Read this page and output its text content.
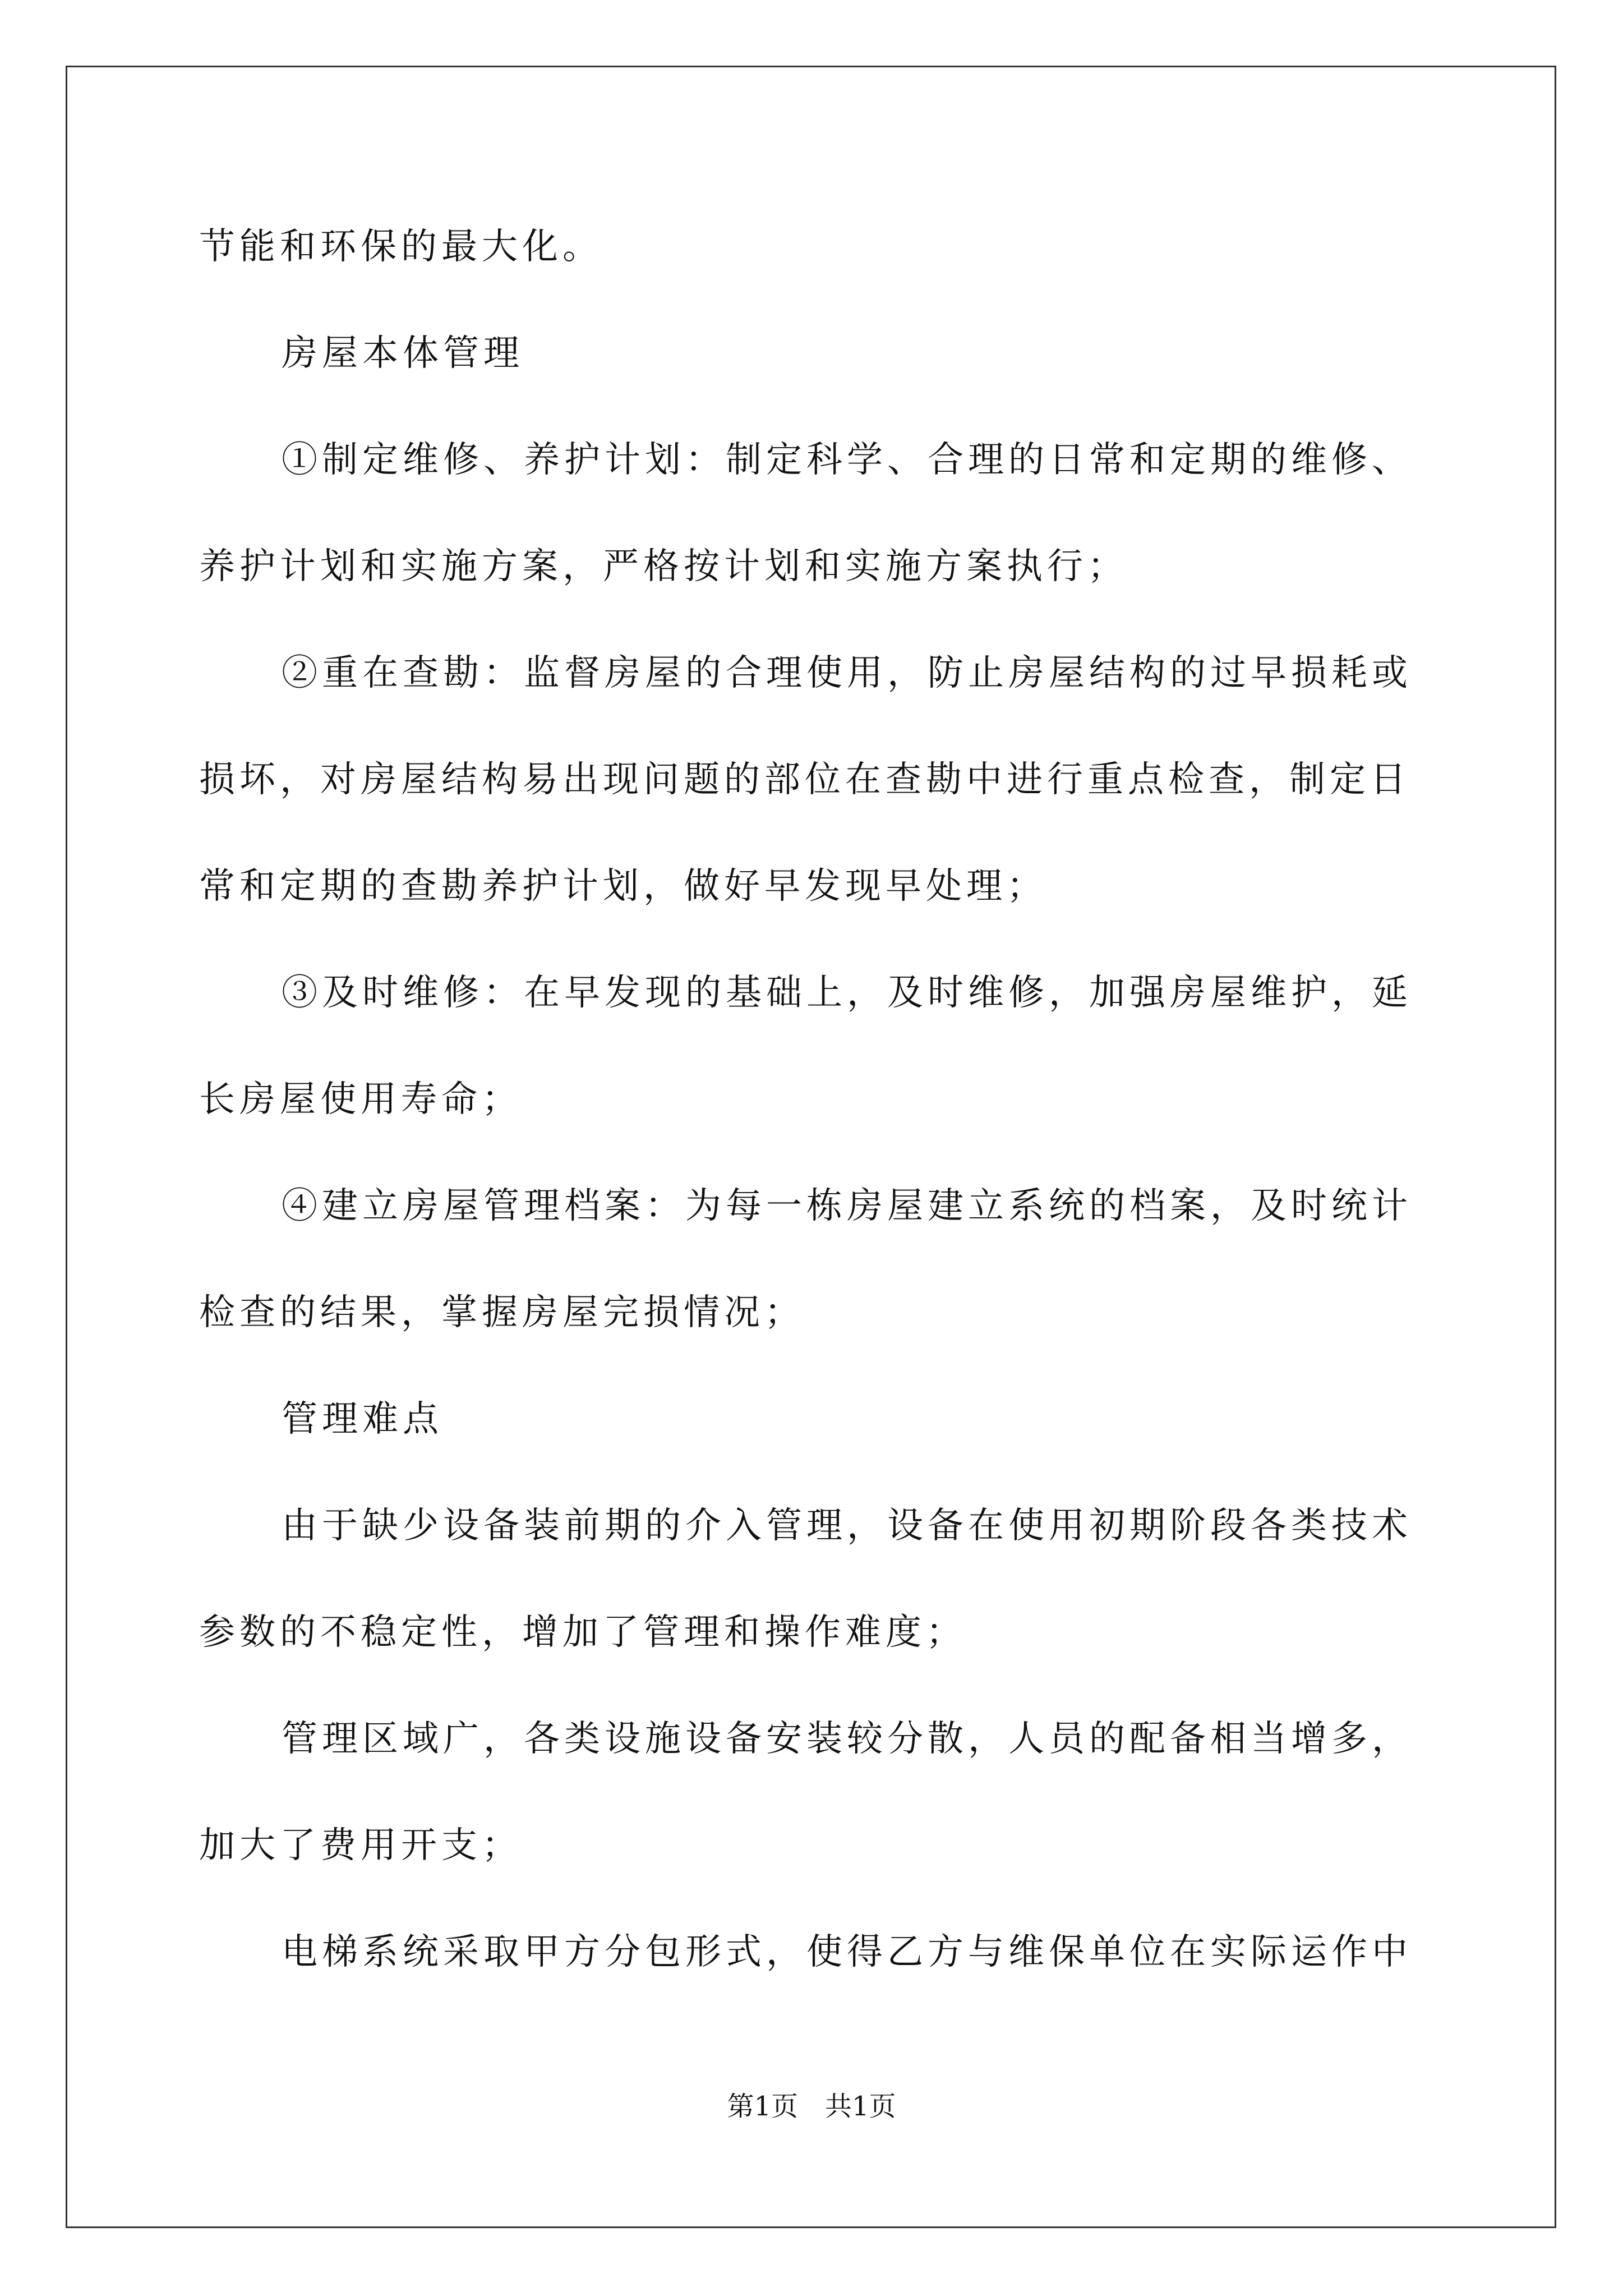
节能和环保的最大化。
房屋本体管理
①制定维修、养护计划：制定科学、合理的日常和定期的维修、
养护计划和实施方案，严格按计划和实施方案执行；
②重在查勘：监督房屋的合理使用，防止房屋结构的过早损耗或
损坏，对房屋结构易出现问题的部位在查勘中进行重点检查，制定日
常和定期的查勘养护计划，做好早发现早处理；
③及时维修：在早发现的基础上，及时维修，加强房屋维护，延
长房屋使用寿命；
④建立房屋管理档案：为每一栋房屋建立系统的档案，及时统计
检查的结果，掌握房屋完损情况；
管理难点
由于缺少设备装前期的介入管理，设备在使用初期阶段各类技术
参数的不稳定性，增加了管理和操作难度；
管理区域广，各类设施设备安装较分散，人员的配备相当增多，
加大了费用开支；
电梯系统采取甲方分包形式，使得乙方与维保单位在实际运作中
第1页　共1页
